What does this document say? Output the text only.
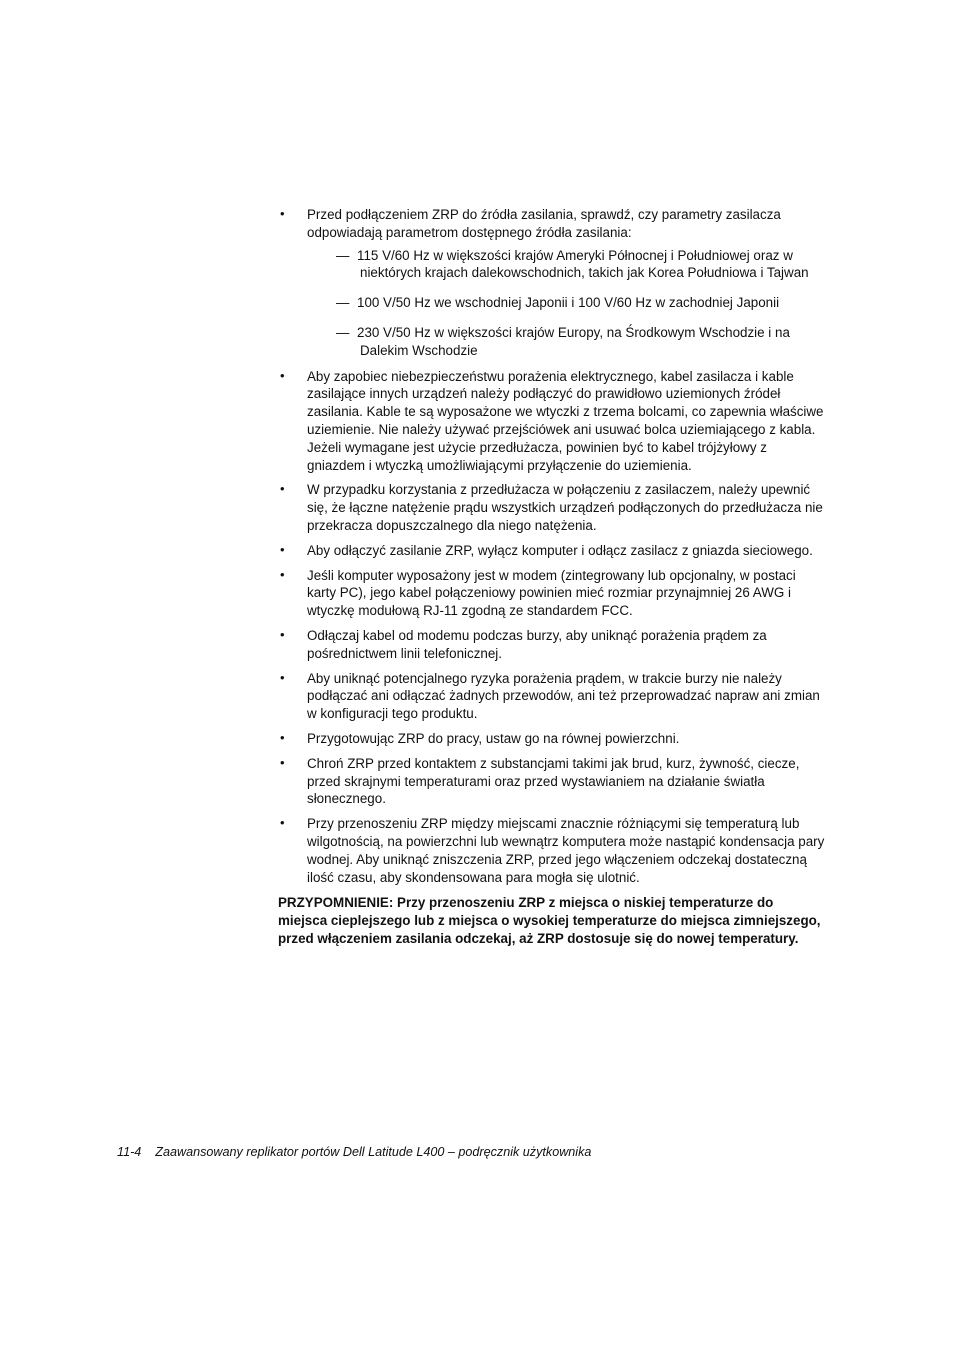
• Przed podłączeniem ZRP do źródła zasilania, sprawdź, czy parametry zasilacza odpowiadają parametrom dostępnego źródła zasilania:
— 115 V/60 Hz w większości krajów Ameryki Północnej i Południowej oraz w niektórych krajach dalekowschodnich, takich jak Korea Południowa i Tajwan
— 100 V/50 Hz we wschodniej Japonii i 100 V/60 Hz w zachodniej Japonii
— 230 V/50 Hz w większości krajów Europy, na Środkowym Wschodzie i na Dalekim Wschodzie
• Aby zapobiec niebezpieczeństwu porażenia elektrycznego, kabel zasilacza i kable zasilające innych urządzeń należy podłączyć do prawidłowo uziemionych źródeł zasilania. Kable te są wyposażone we wtyczki z trzema bolcami, co zapewnia właściwe uziemienie. Nie należy używać przejściówek ani usuwać bolca uziemiającego z kabla. Jeżeli wymagane jest użycie przedłużacza, powinien być to kabel trójżyłowy z gniazdem i wtyczką umożliwiającymi przyłączenie do uziemienia.
• W przypadku korzystania z przedłużacza w połączeniu z zasilaczem, należy upewnić się, że łączne natężenie prądu wszystkich urządzeń podłączonych do przedłużacza nie przekracza dopuszczalnego dla niego natężenia.
• Aby odłączyć zasilanie ZRP, wyłącz komputer i odłącz zasilacz z gniazda sieciowego.
• Jeśli komputer wyposażony jest w modem (zintegrowany lub opcjonalny, w postaci karty PC), jego kabel połączeniowy powinien mieć rozmiar przynajmniej 26 AWG i wtyczkę modułową RJ-11 zgodną ze standardem FCC.
• Odłączaj kabel od modemu podczas burzy, aby uniknąć porażenia prądem za pośrednictwem linii telefonicznej.
• Aby uniknąć potencjalnego ryzyka porażenia prądem, w trakcie burzy nie należy podłączać ani odłączać żadnych przewodów, ani też przeprowadzać napraw ani zmian w konfiguracji tego produktu.
• Przygotowując ZRP do pracy, ustaw go na równej powierzchni.
• Chroń ZRP przed kontaktem z substancjami takimi jak brud, kurz, żywność, ciecze, przed skrajnymi temperaturami oraz przed wystawianiem na działanie światła słonecznego.
• Przy przenoszeniu ZRP między miejscami znacznie różniącymi się temperaturą lub wilgotnością, na powierzchni lub wewnątrz komputera może nastąpić kondensacja pary wodnej. Aby uniknąć zniszczenia ZRP, przed jego włączeniem odczekaj dostateczną ilość czasu, aby skondensowana para mogła się ulotnić.
PRZYPOMNIENIE: Przy przenoszeniu ZRP z miejsca o niskiej temperaturze do miejsca cieplejszego lub z miejsca o wysokiej temperaturze do miejsca zimniejszego, przed włączeniem zasilania odczekaj, aż ZRP dostosuje się do nowej temperatury.
11-4 Zaawansowany replikator portów Dell Latitude L400 – podręcznik użytkownika
